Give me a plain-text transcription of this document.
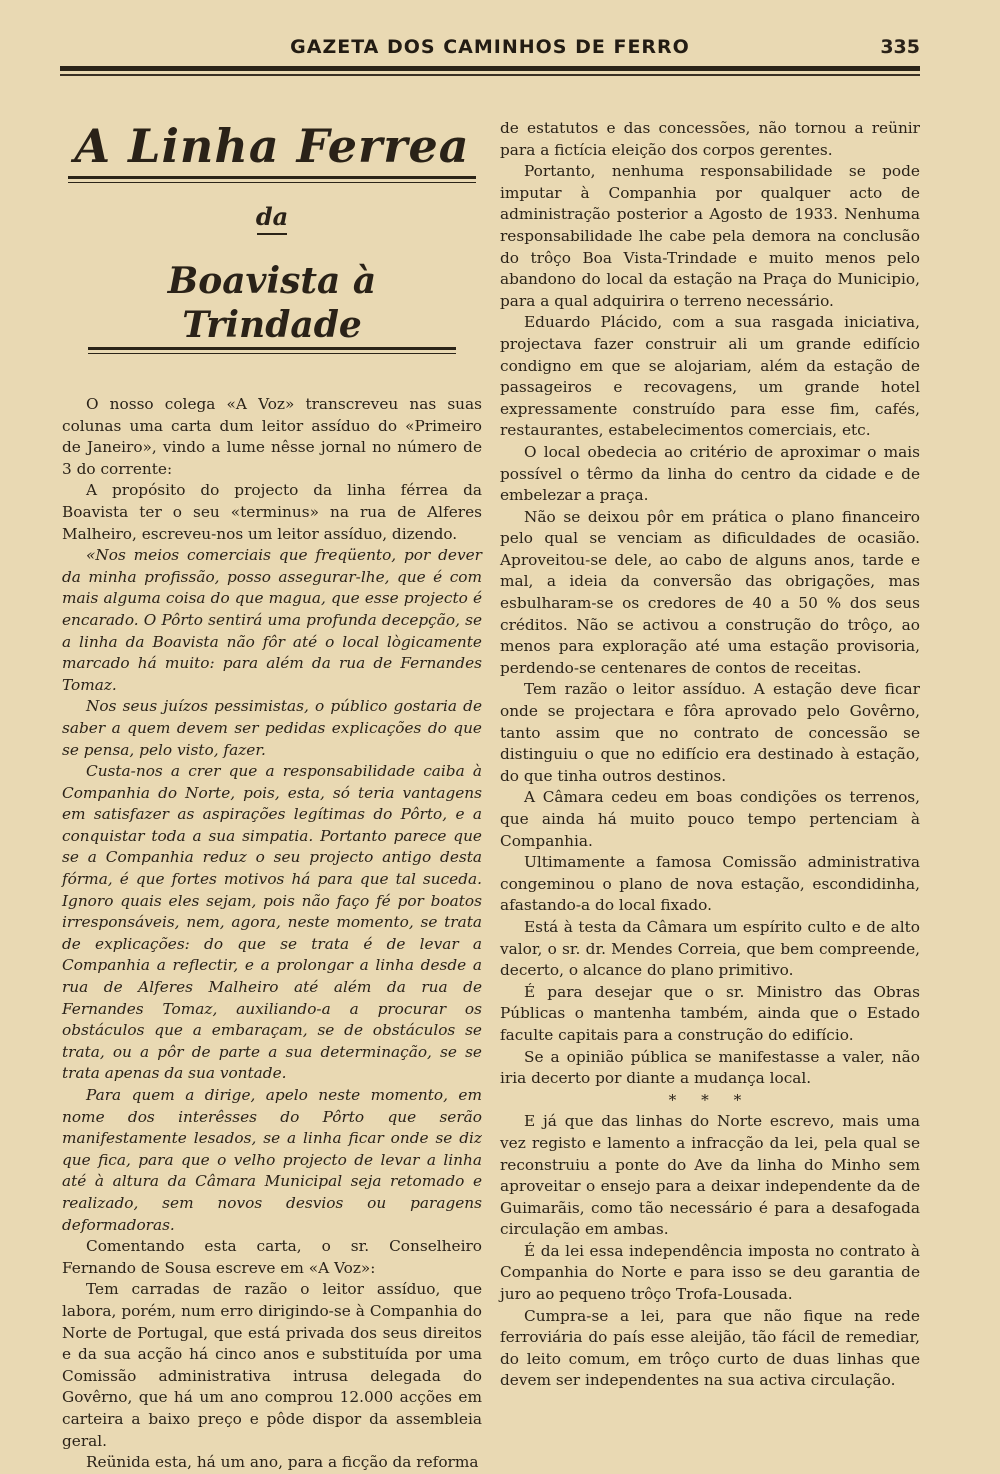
GAZETA DOS CAMINHOS DE FERRO	335
A Linha Ferrea
da
Boavista à Trindade

O nosso colega «A Voz» transcreveu nas suas colunas uma carta dum leitor assíduo do «Primeiro de Janeiro», vindo a lume nêsse jornal no número de 3 do corrente:

A propósito do projecto da linha férrea da Boavista ter o seu «terminus» na rua de Alferes Malheiro, escreveu-nos um leitor assíduo, dizendo.

«Nos meios comerciais que freqüento, por dever da minha profissão, posso assegurar-lhe, que é com mais alguma coisa do que magua, que esse projecto é encarado. O Pôrto sentirá uma profunda decepção, se a linha da Boavista não fôr até o local lògicamente marcado há muito: para além da rua de Fernandes Tomaz.

Nos seus juízos pessimistas, o público gostaria de saber a quem devem ser pedidas explicações do que se pensa, pelo visto, fazer.

Custa-nos a crer que a responsabilidade caiba à Companhia do Norte, pois, esta, só teria vantagens em satisfazer as aspirações legítimas do Pôrto, e a conquistar toda a sua simpatia. Portanto parece que se a Companhia reduz o seu projecto antigo desta fórma, é que fortes motivos há para que tal suceda. Ignoro quais eles sejam, pois não faço fé por boatos irresponsáveis, nem, agora, neste momento, se trata de explicações: do que se trata é de levar a Companhia a reflectir, e a prolongar a linha desde a rua de Alferes Malheiro até além da rua de Fernandes Tomaz, auxiliando-a a procurar os obstáculos que a embaraçam, se de obstáculos se trata, ou a pôr de parte a sua determinação, se se trata apenas da sua vontade.

Para quem a dirige, apelo neste momento, em nome dos interêsses do Pôrto que serão manifestamente lesados, se a linha ficar onde se diz que fica, para que o velho projecto de levar a linha até à altura da Câmara Municipal seja retomado e realizado, sem novos desvios ou paragens deformadoras.

Comentando esta carta, o sr. Conselheiro Fernando de Sousa escreve em «A Voz»:

Tem carradas de razão o leitor assíduo, que labora, porém, num erro dirigindo-se à Companhia do Norte de Portugal, que está privada dos seus direitos e da sua acção há cinco anos e substituída por uma Comissão administrativa intrusa delegada do Govêrno, que há um ano comprou 12.000 acções em carteira a baixo preço e pôde dispor da assembleia geral.

Reünida esta, há um ano, para a ficção da reforma

de estatutos e das concessões, não tornou a reünir para a fictícia eleição dos corpos gerentes.

Portanto, nenhuma responsabilidade se pode imputar à Companhia por qualquer acto de administração posterior a Agosto de 1933. Nenhuma responsabilidade lhe cabe pela demora na conclusão do trôço Boa Vista-Trindade e muito menos pelo abandono do local da estação na Praça do Municipio, para a qual adquirira o terreno necessário.

Eduardo Plácido, com a sua rasgada iniciativa, projectava fazer construir ali um grande edifício condigno em que se alojariam, além da estação de passageiros e recovagens, um grande hotel expressamente construído para esse fim, cafés, restaurantes, estabelecimentos comerciais, etc.

O local obedecia ao critério de aproximar o mais possível o têrmo da linha do centro da cidade e de embelezar a praça.

Não se deixou pôr em prática o plano financeiro pelo qual se venciam as dificuldades de ocasião. Aproveitou-se dele, ao cabo de alguns anos, tarde e mal, a ideia da conversão das obrigações, mas esbulharam-se os credores de 40 a 50 % dos seus créditos. Não se activou a construção do trôço, ao menos para exploração até uma estação provisoria, perdendo-se centenares de contos de receitas.

Tem razão o leitor assíduo. A estação deve ficar onde se projectara e fôra aprovado pelo Govêrno, tanto assim que no contrato de concessão se distinguiu o que no edifício era destinado à estação, do que tinha outros destinos.

A Câmara cedeu em boas condições os terrenos, que ainda há muito pouco tempo pertenciam à Companhia.

Ultimamente a famosa Comissão administrativa congeminou o plano de nova estação, escondidinha, afastando-a do local fixado.

Está à testa da Câmara um espírito culto e de alto valor, o sr. dr. Mendes Correia, que bem compreende, decerto, o alcance do plano primitivo.

É para desejar que o sr. Ministro das Obras Públicas o mantenha também, ainda que o Estado faculte capitais para a construção do edifício.

Se a opinião pública se manifestasse a valer, não iria decerto por diante a mudança local.

* * *

E já que das linhas do Norte escrevo, mais uma vez registo e lamento a infracção da lei, pela qual se reconstruiu a ponte do Ave da linha do Minho sem aproveitar o ensejo para a deixar independente da de Guimarãis, como tão necessário é para a desafogada circulação em ambas.

É da lei essa independência imposta no contrato à Companhia do Norte e para isso se deu garantia de juro ao pequeno trôço Trofa-Lousada.

Cumpra-se a lei, para que não fique na rede ferroviária do país esse aleijão, tão fácil de remediar, do leito comum, em trôço curto de duas linhas que devem ser independentes na sua activa circulação.
